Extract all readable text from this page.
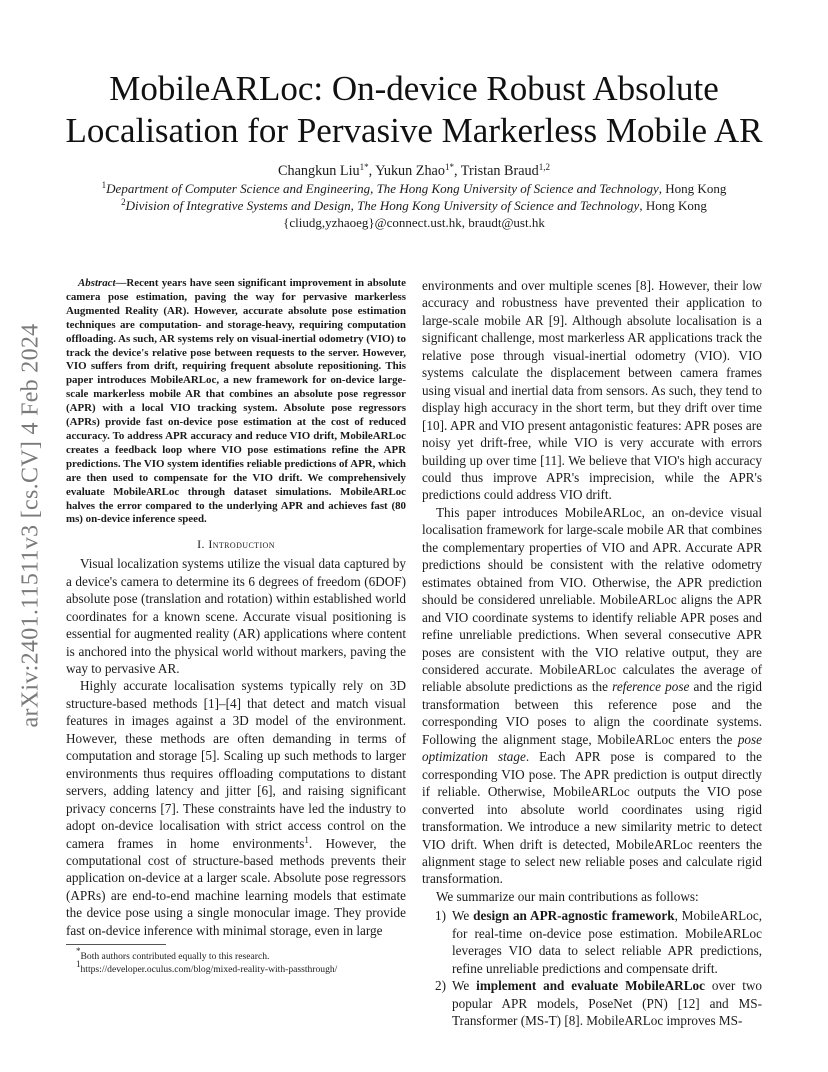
arXiv:2401.11511v3 [cs.CV] 4 Feb 2024
MobileARLoc: On-device Robust Absolute
Localisation for Pervasive Markerless Mobile AR
Changkun Liu$^{1*}$, Yukun Zhao$^{1*}$, Tristan Braud$^{1,2}$
$^1$Department of Computer Science and Engineering, The Hong Kong University of Science and Technology, Hong Kong
$^2$Division of Integrative Systems and Design, The Hong Kong University of Science and Technology, Hong Kong
{cliudg,yzhaoeg}@connect.ust.hk, braudt@ust.hk

Abstract—Recent years have seen significant improvement in absolute camera pose estimation, paving the way for pervasive markerless Augmented Reality (AR). However, accurate absolute pose estimation techniques are computation- and storage-heavy, requiring computation offloading. As such, AR systems rely on visual-inertial odometry (VIO) to track the device's relative pose between requests to the server. However, VIO suffers from drift, requiring frequent absolute repositioning. This paper introduces MobileARLoc, a new framework for on-device large-scale markerless mobile AR that combines an absolute pose regressor (APR) with a local VIO tracking system. Absolute pose regressors (APRs) provide fast on-device pose estimation at the cost of reduced accuracy. To address APR accuracy and reduce VIO drift, MobileARLoc creates a feedback loop where VIO pose estimations refine the APR predictions. The VIO system identifies reliable predictions of APR, which are then used to compensate for the VIO drift. We comprehensively evaluate MobileARLoc through dataset simulations. MobileARLoc halves the error compared to the underlying APR and achieves fast (80 ms) on-device inference speed.

I. Introduction

Visual localization systems utilize the visual data captured by a device's camera to determine its 6 degrees of freedom (6DOF) absolute pose (translation and rotation) within established world coordinates for a known scene. Accurate visual positioning is essential for augmented reality (AR) applications where content is anchored into the physical world without markers, paving the way to pervasive AR.

Highly accurate localisation systems typically rely on 3D structure-based methods [1]–[4] that detect and match visual features in images against a 3D model of the environment. However, these methods are often demanding in terms of computation and storage [5]. Scaling up such methods to larger environments thus requires offloading computations to distant servers, adding latency and jitter [6], and raising significant privacy concerns [7]. These constraints have led the industry to adopt on-device localisation with strict access control on the camera frames in home environments$^1$. However, the computational cost of structure-based methods prevents their application on-device at a larger scale. Absolute pose regressors (APRs) are end-to-end machine learning models that estimate the device pose using a single monocular image. They provide fast on-device inference with minimal storage, even in large

*Both authors contributed equally to this research.

$^1$https://developer.oculus.com/blog/mixed-reality-with-passthrough/

environments and over multiple scenes [8]. However, their low accuracy and robustness have prevented their application to large-scale mobile AR [9]. Although absolute localisation is a significant challenge, most markerless AR applications track the relative pose through visual-inertial odometry (VIO). VIO systems calculate the displacement between camera frames using visual and inertial data from sensors. As such, they tend to display high accuracy in the short term, but they drift over time [10]. APR and VIO present antagonistic features: APR poses are noisy yet drift-free, while VIO is very accurate with errors building up over time [11]. We believe that VIO's high accuracy could thus improve APR's imprecision, while the APR's predictions could address VIO drift.

This paper introduces MobileARLoc, an on-device visual localisation framework for large-scale mobile AR that combines the complementary properties of VIO and APR. Accurate APR predictions should be consistent with the relative odometry estimates obtained from VIO. Otherwise, the APR prediction should be considered unreliable. MobileARLoc aligns the APR and VIO coordinate systems to identify reliable APR poses and refine unreliable predictions. When several consecutive APR poses are consistent with the VIO relative output, they are considered accurate. MobileARLoc calculates the average of reliable absolute predictions as the reference pose and the rigid transformation between this reference pose and the corresponding VIO poses to align the coordinate systems. Following the alignment stage, MobileARLoc enters the pose optimization stage. Each APR pose is compared to the corresponding VIO pose. The APR prediction is output directly if reliable. Otherwise, MobileARLoc outputs the VIO pose converted into absolute world coordinates using rigid transformation. We introduce a new similarity metric to detect VIO drift. When drift is detected, MobileARLoc reenters the alignment stage to select new reliable poses and calculate rigid transformation.

We summarize our main contributions as follows:

1) We design an APR-agnostic framework, MobileARLoc, for real-time on-device pose estimation. MobileARLoc leverages VIO data to select reliable APR predictions, refine unreliable predictions and compensate drift.
2) We implement and evaluate MobileARLoc over two popular APR models, PoseNet (PN) [12] and MS-Transformer (MS-T) [8]. MobileARLoc improves MS-
